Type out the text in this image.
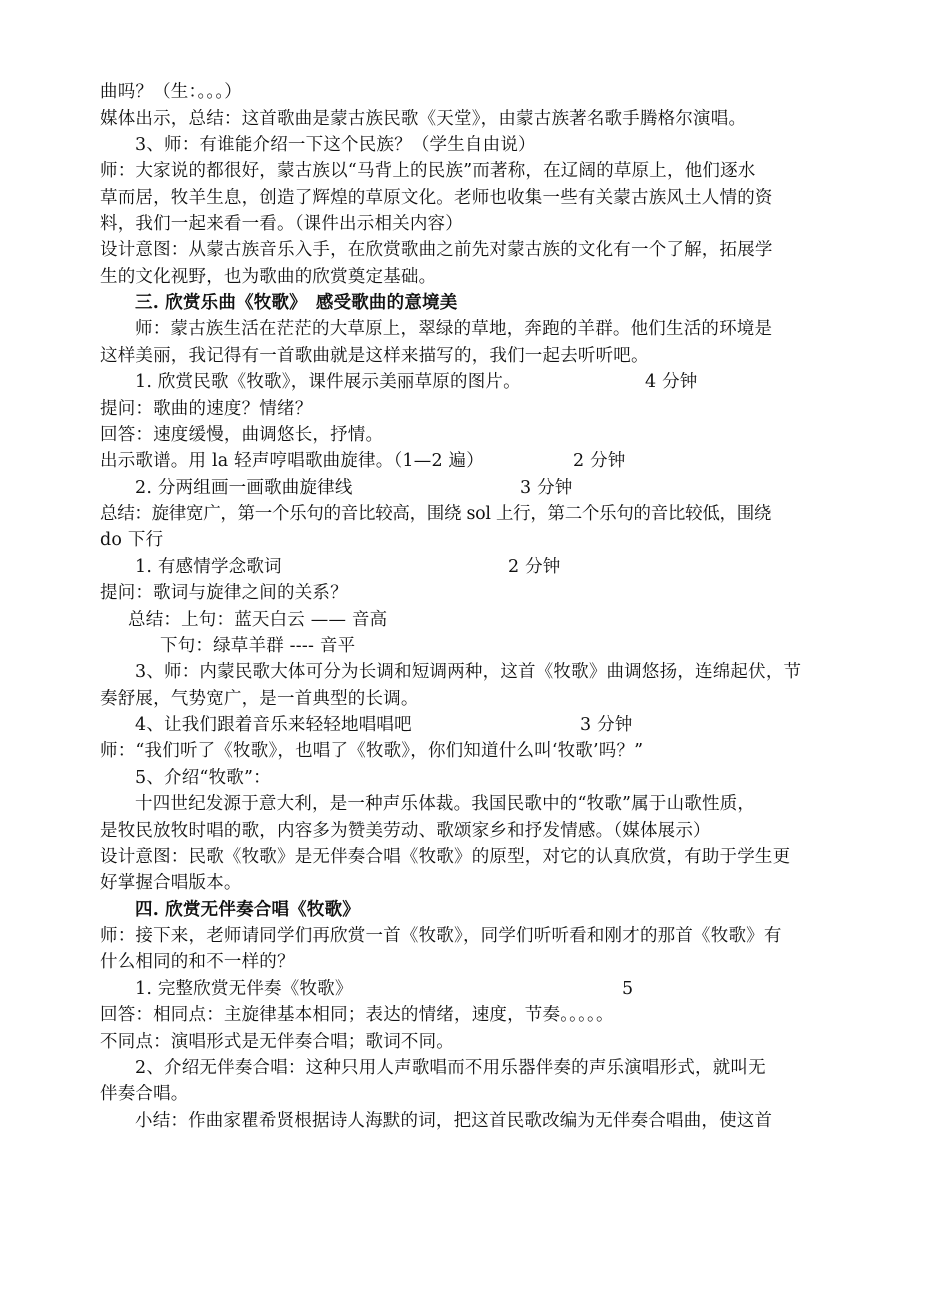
曲吗？（生：。。。）
媒体出示，总结：这首歌曲是蒙古族民歌《天堂》，由蒙古族著名歌手腾格尔演唱。
3、师：有谁能介绍一下这个民族？（学生自由说）
师：大家说的都很好，蒙古族以“马背上的民族”而著称，在辽阔的草原上，他们逐水
草而居，牧羊生息，创造了辉煌的草原文化。老师也收集一些有关蒙古族风土人情的资
料，我们一起来看一看。（课件出示相关内容）
设计意图：从蒙古族音乐入手，在欣赏歌曲之前先对蒙古族的文化有一个了解，拓展学
生的文化视野，也为歌曲的欣赏奠定基础。
三. 欣赏乐曲《牧歌》　感受歌曲的意境美
师：蒙古族生活在茫茫的大草原上，翠绿的草地，奔跑的羊群。他们生活的环境是
这样美丽，我记得有一首歌曲就是这样来描写的，我们一起去听听吧。
1. 欣赏民歌《牧歌》，课件展示美丽草原的图片。	4 分钟
提问：歌曲的速度？情绪？
回答：速度缓慢，曲调悠长，抒情。
出示歌谱。用 la 轻声哼唱歌曲旋律。（1—2 遍）	2 分钟
2. 分两组画一画歌曲旋律线	3 分钟
总结：旋律宽广，第一个乐句的音比较高，围绕 sol 上行，第二个乐句的音比较低，围绕
do 下行
1. 有感情学念歌词	2 分钟
提问：歌词与旋律之间的关系？
总结：上句：蓝天白云 —— 音高
下句：绿草羊群 ---- 音平
3、师：内蒙民歌大体可分为长调和短调两种，这首《牧歌》曲调悠扬，连绵起伏，节
奏舒展，气势宽广，是一首典型的长调。
4、让我们跟着音乐来轻轻地唱唱吧	3 分钟
师：“我们听了《牧歌》，也唱了《牧歌》，你们知道什么叫‘牧歌’吗？”
5、介绍“牧歌”：
十四世纪发源于意大利，是一种声乐体裁。我国民歌中的“牧歌”属于山歌性质，
是牧民放牧时唱的歌，内容多为赞美劳动、歌颂家乡和抒发情感。（媒体展示）
设计意图：民歌《牧歌》是无伴奏合唱《牧歌》的原型，对它的认真欣赏，有助于学生更
好掌握合唱版本。
四. 欣赏无伴奏合唱《牧歌》
师：接下来，老师请同学们再欣赏一首《牧歌》，同学们听听看和刚才的那首《牧歌》有
什么相同的和不一样的？
1. 完整欣赏无伴奏《牧歌》	5
回答：相同点：主旋律基本相同；表达的情绪，速度，节奏。。。。。
不同点：演唱形式是无伴奏合唱；歌词不同。
2、介绍无伴奏合唱：这种只用人声歌唱而不用乐器伴奏的声乐演唱形式，就叫无
伴奏合唱。
小结：作曲家瞿希贤根据诗人海默的词，把这首民歌改编为无伴奏合唱曲，使这首
